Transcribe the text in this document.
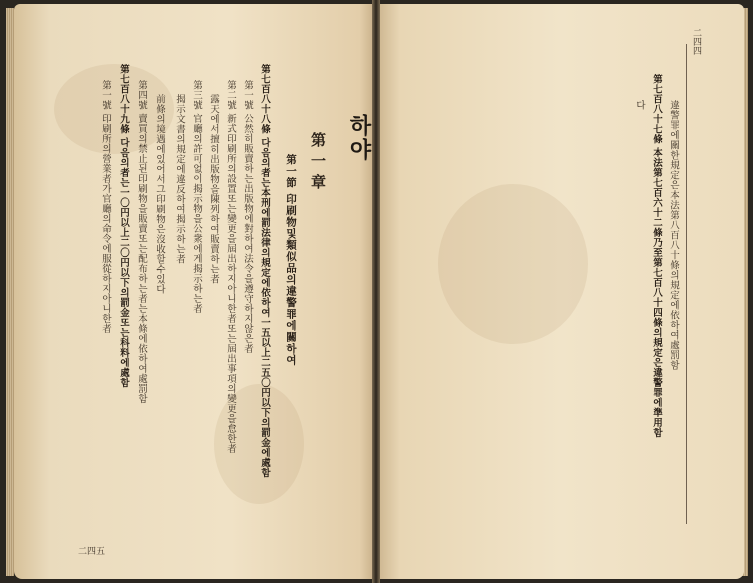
하야
第一章
第一節 印刷物및類似品의違警罪에關하여
第七百八十八條 다음의者는本刑에罰法律의規定에依하여一五以上二五〇円以下의罰金에處함
第一號 公然히販賣하는出版物에對하여法令을遵守하지않은者
第二號 新式印刷所의設置또는變更을屆出하지아니한者또는屆出事項의變更을怠한者
露天에서擅히出版物을陳列하여販賣하는者
第三號 官廳의許可없이揭示物을公衆에게揭示하는者
揭示文書의規定에違反하여揭示하는者
前條의境遇에있어서그印刷物은沒收할수있다
第四號 賣買의禁止된印刷物을販賣또는配布하는者는本條에依하여處罰함
第七百八十九條 다음의者는一〇円以上二〇円以下의罰金또는科料에處함
第一號 印刷所의營業者가官廳의命令에服從하지아니한者
二四五
違警罪에關한規定은本法第八百八十條의規定에依하여處罰함
第七百八十七條 本法第七百六十二條乃至第七百八十四條의規定은違警罪에準用함
다
二四四
